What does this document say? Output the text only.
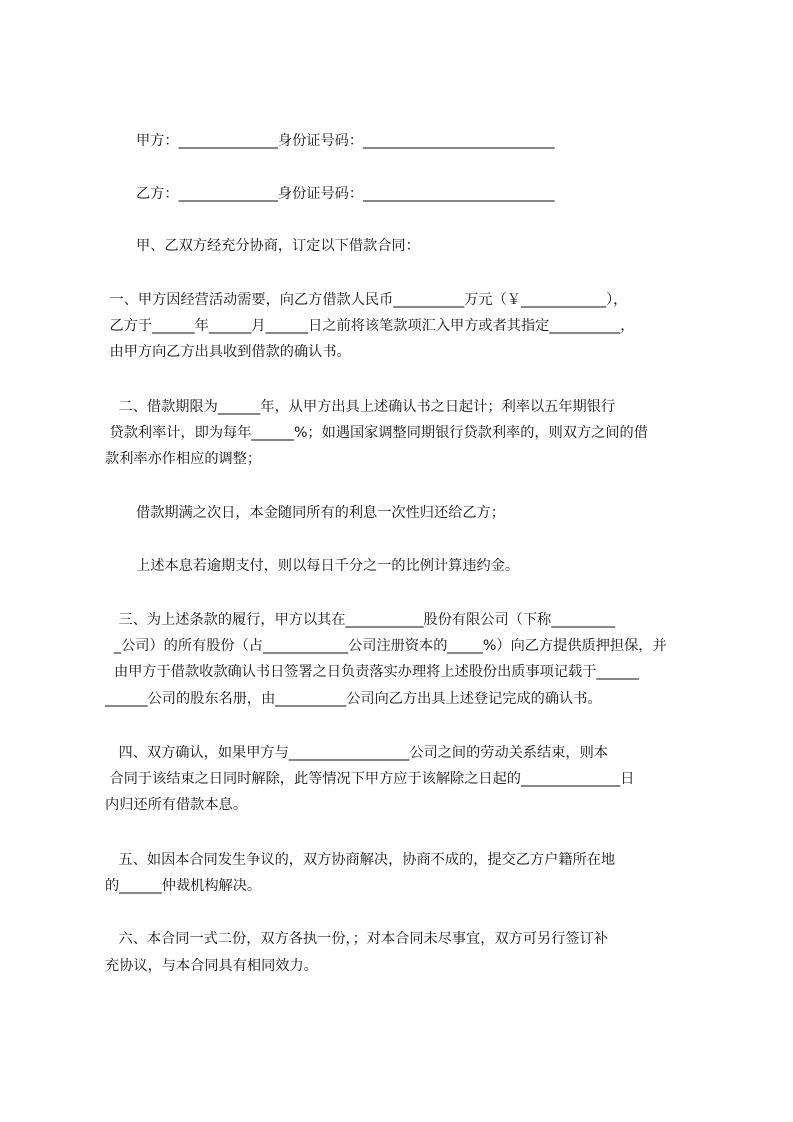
甲方：______________身份证号码：___________________________
乙方：______________身份证号码：___________________________
甲、乙双方经充分协商，订定以下借款合同：
一、甲方因经营活动需要，向乙方借款人民币__________万元（￥____________），
乙方于______年______月______日之前将该笔款项汇入甲方或者其指定__________，
由甲方向乙方出具收到借款的确认书。
二、借款期限为______年，从甲方出具上述确认书之日起计；利率以五年期银行
贷款利率计，即为每年______%；如遇国家调整同期银行贷款利率的，则双方之间的借
款利率亦作相应的调整；
借款期满之次日，本金随同所有的利息一次性归还给乙方；
上述本息若逾期支付，则以每日千分之一的比例计算违约金。
三、为上述条款的履行，甲方以其在___________股份有限公司（下称_________
_公司）的所有股份（占____________公司注册资本的_____%）向乙方提供质押担保，并
由甲方于借款收款确认书日签署之日负责落实办理将上述股份出质事项记载于______
______公司的股东名册，由__________公司向乙方出具上述登记完成的确认书。
四、双方确认，如果甲方与_________________公司之间的劳动关系结束，则本
合同于该结束之日同时解除，此等情况下甲方应于该解除之日起的______________日
内归还所有借款本息。
五、如因本合同发生争议的，双方协商解决，协商不成的，提交乙方户籍所在地
的______仲裁机构解决。
六、本合同一式二份，双方各执一份，；对本合同未尽事宜，双方可另行签订补
充协议，与本合同具有相同效力。
